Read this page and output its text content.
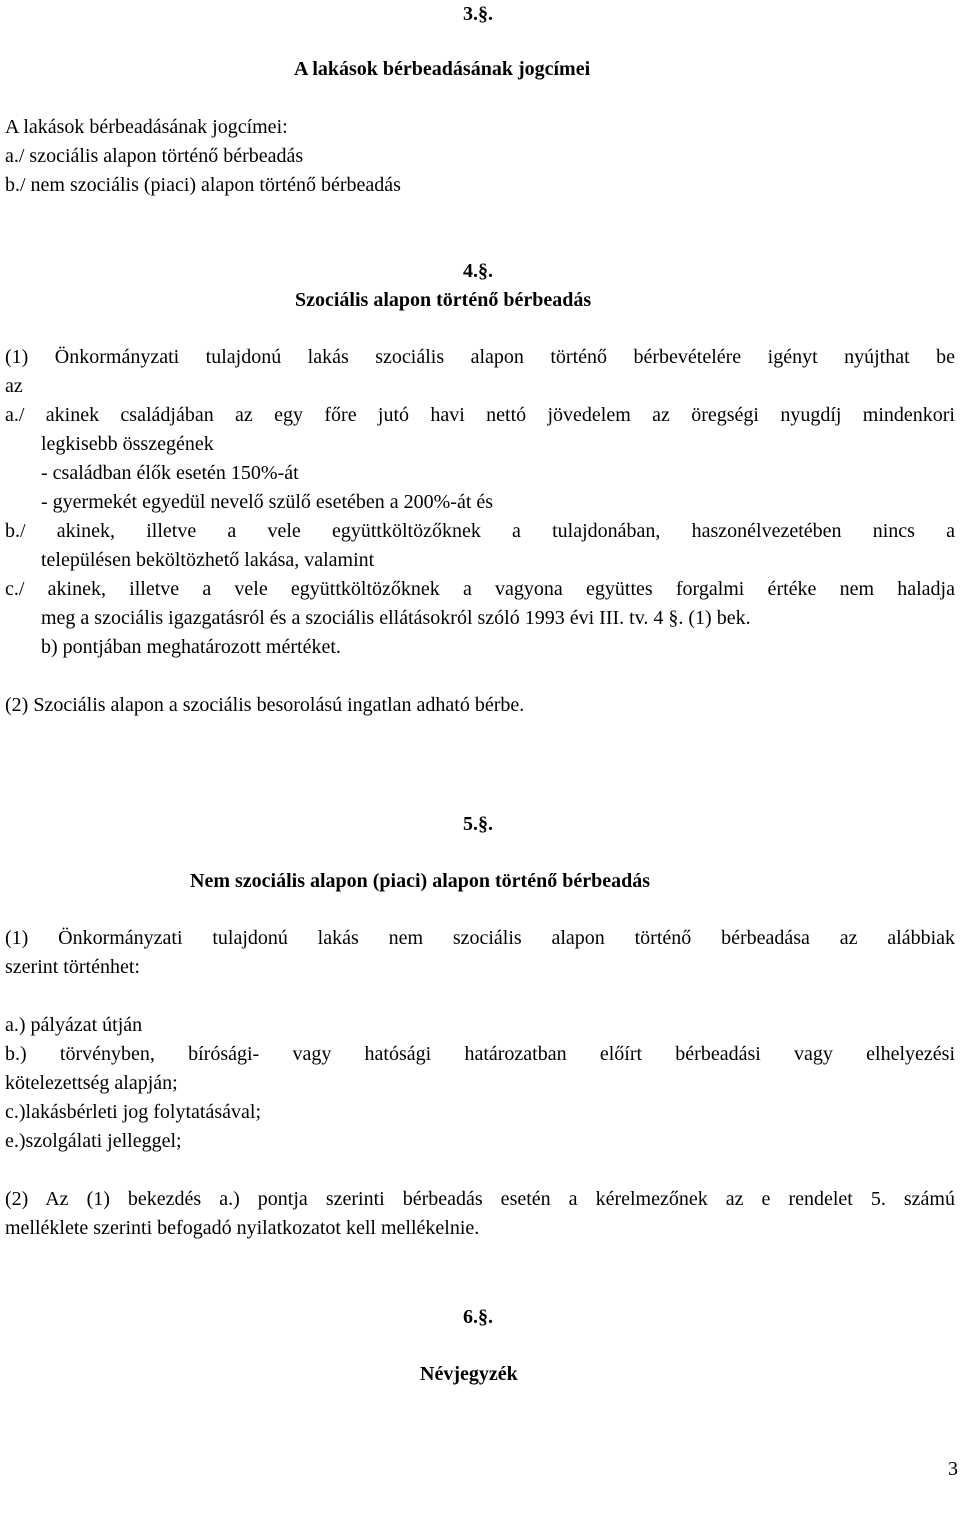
3.§.
A lakások bérbeadásának jogcímei
A lakások bérbeadásának jogcímei:
a./ szociális alapon történő bérbeadás
b./ nem szociális (piaci) alapon történő bérbeadás
4.§.
Szociális alapon történő bérbeadás
(1) Önkormányzati tulajdonú lakás szociális alapon történő bérbevételére igényt nyújthat be
az
a./ akinek családjában az egy főre jutó havi nettó jövedelem az öregségi nyugdíj mindenkori
legkisebb összegének
- családban élők esetén 150%-át
- gyermekét egyedül nevelő szülő esetében a 200%-át és
b./ akinek, illetve a vele együttköltözőknek a tulajdonában, haszonélvezetében nincs a
településen beköltözhető lakása, valamint
c./ akinek, illetve a vele együttköltözőknek a vagyona együttes forgalmi értéke nem haladja
meg a szociális igazgatásról és a szociális ellátásokról szóló 1993 évi III. tv. 4 §. (1) bek.
b) pontjában meghatározott mértéket.
(2) Szociális alapon a szociális besorolású ingatlan adható bérbe.
5.§.
Nem szociális alapon (piaci) alapon történő bérbeadás
(1) Önkormányzati tulajdonú lakás nem szociális alapon történő bérbeadása az alábbiak
szerint történhet:
a.) pályázat útján
b.) törvényben, bírósági- vagy hatósági határozatban előírt bérbeadási vagy elhelyezési
kötelezettség alapján;
c.)lakásbérleti jog folytatásával;
e.)szolgálati jelleggel;
(2) Az (1) bekezdés a.) pontja szerinti bérbeadás esetén a kérelmezőnek az e rendelet 5. számú
melléklete szerinti befogadó nyilatkozatot kell mellékelnie.
6.§.
Névjegyzék
3
